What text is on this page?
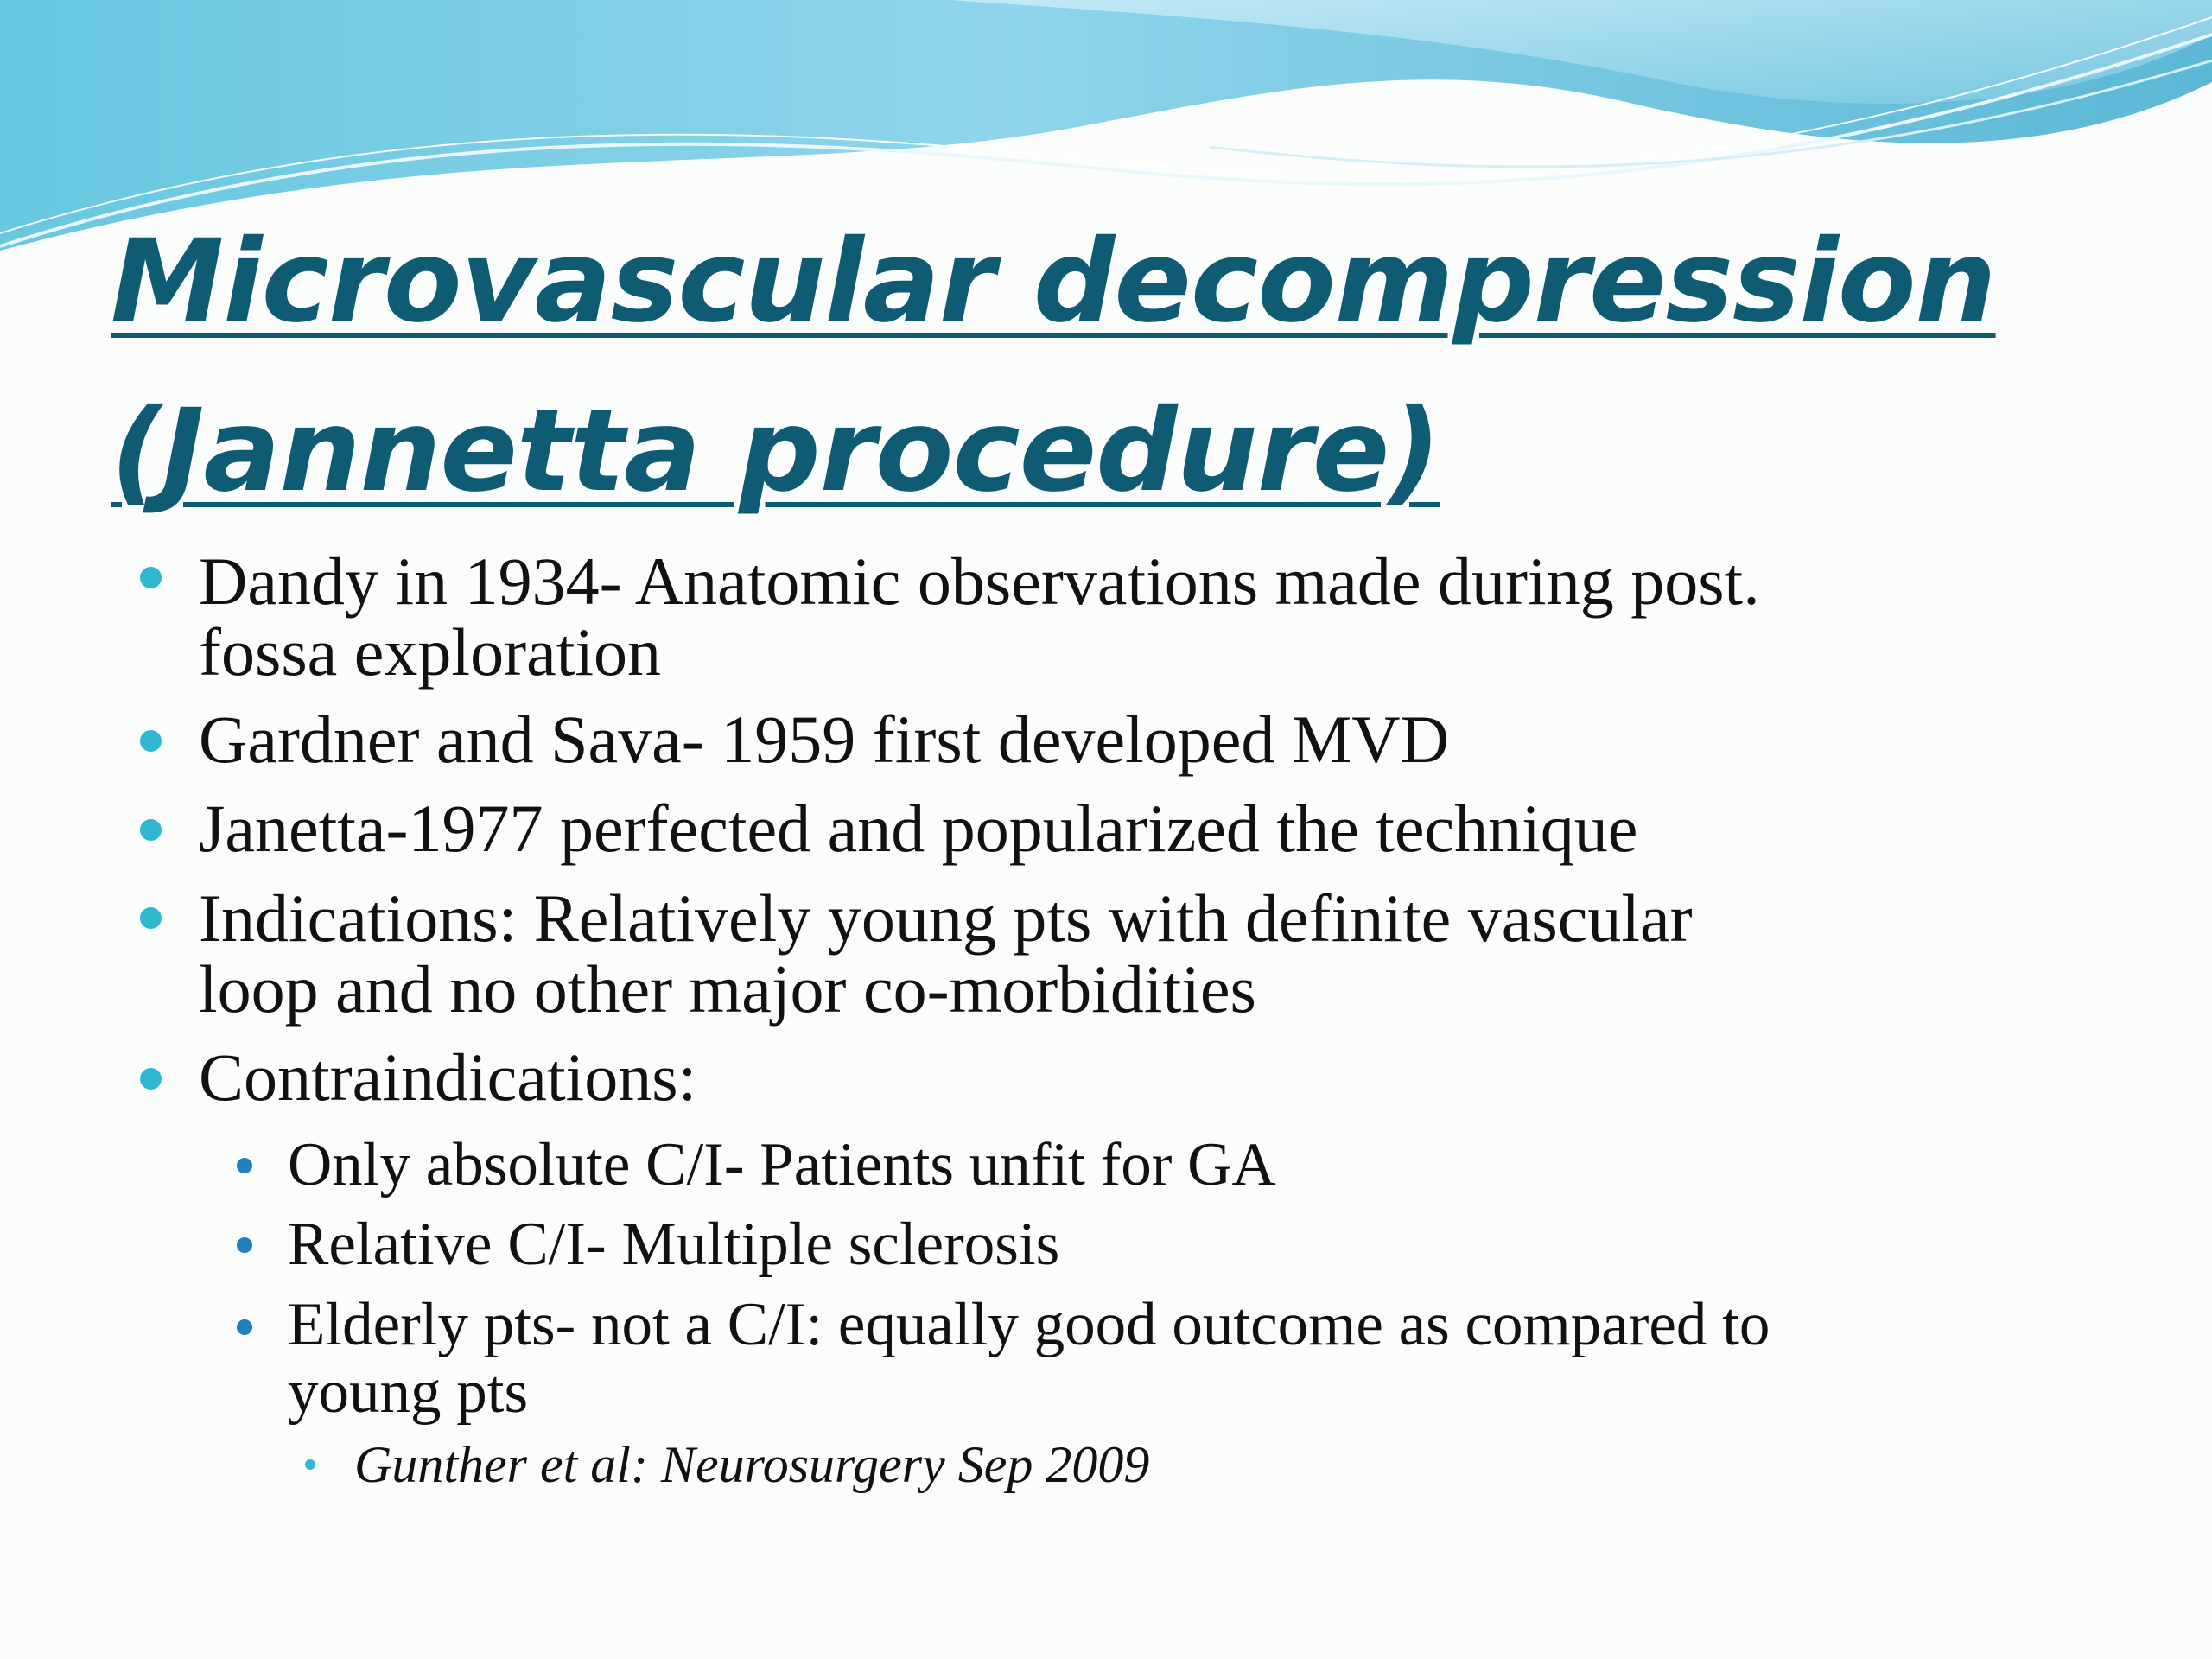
Microvascular decompression
(Jannetta procedure)
Dandy in 1934- Anatomic observations made during post.
fossa exploration
Gardner and Sava- 1959 first developed MVD
Janetta-1977 perfected and popularized the technique
Indications: Relatively young pts with definite vascular
loop and no other major co-morbidities
Contraindications:
Only absolute C/I- Patients unfit for GA
Relative C/I- Multiple sclerosis
Elderly pts- not a C/I: equally good outcome as compared to
young pts
Gunther et al: Neurosurgery Sep 2009
